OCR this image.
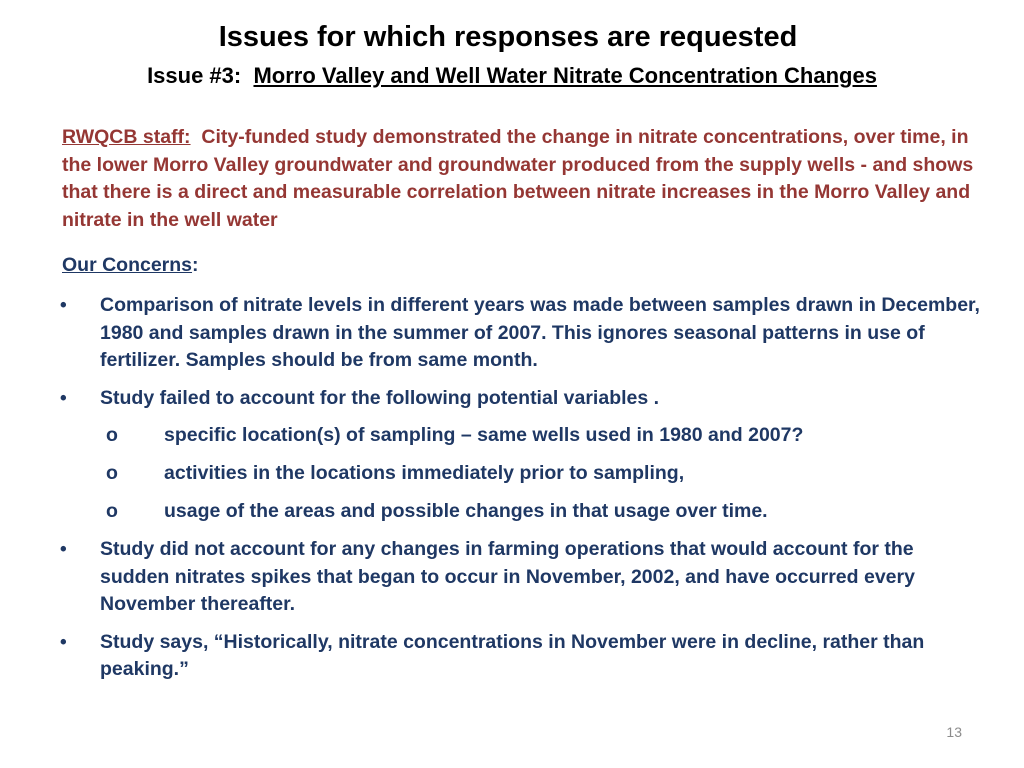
Issues for which responses are requested
Issue #3: Morro Valley and Well Water Nitrate Concentration Changes
RWQCB staff: City-funded study demonstrated the change in nitrate concentrations, over time, in the lower Morro Valley groundwater and groundwater produced from the supply wells - and shows that there is a direct and measurable correlation between nitrate increases in the Morro Valley and nitrate in the well water
Our Concerns:
• Comparison of nitrate levels in different years was made between samples drawn in December, 1980 and samples drawn in the summer of 2007. This ignores seasonal patterns in use of fertilizer. Samples should be from same month.
• Study failed to account for the following potential variables .
o specific location(s) of sampling – same wells used in 1980 and 2007?
o activities in the locations immediately prior to sampling,
o usage of the areas and possible changes in that usage over time.
• Study did not account for any changes in farming operations that would account for the sudden nitrates spikes that began to occur in November, 2002, and have occurred every November thereafter.
• Study says, “Historically, nitrate concentrations in November were in decline, rather than peaking.”
13
